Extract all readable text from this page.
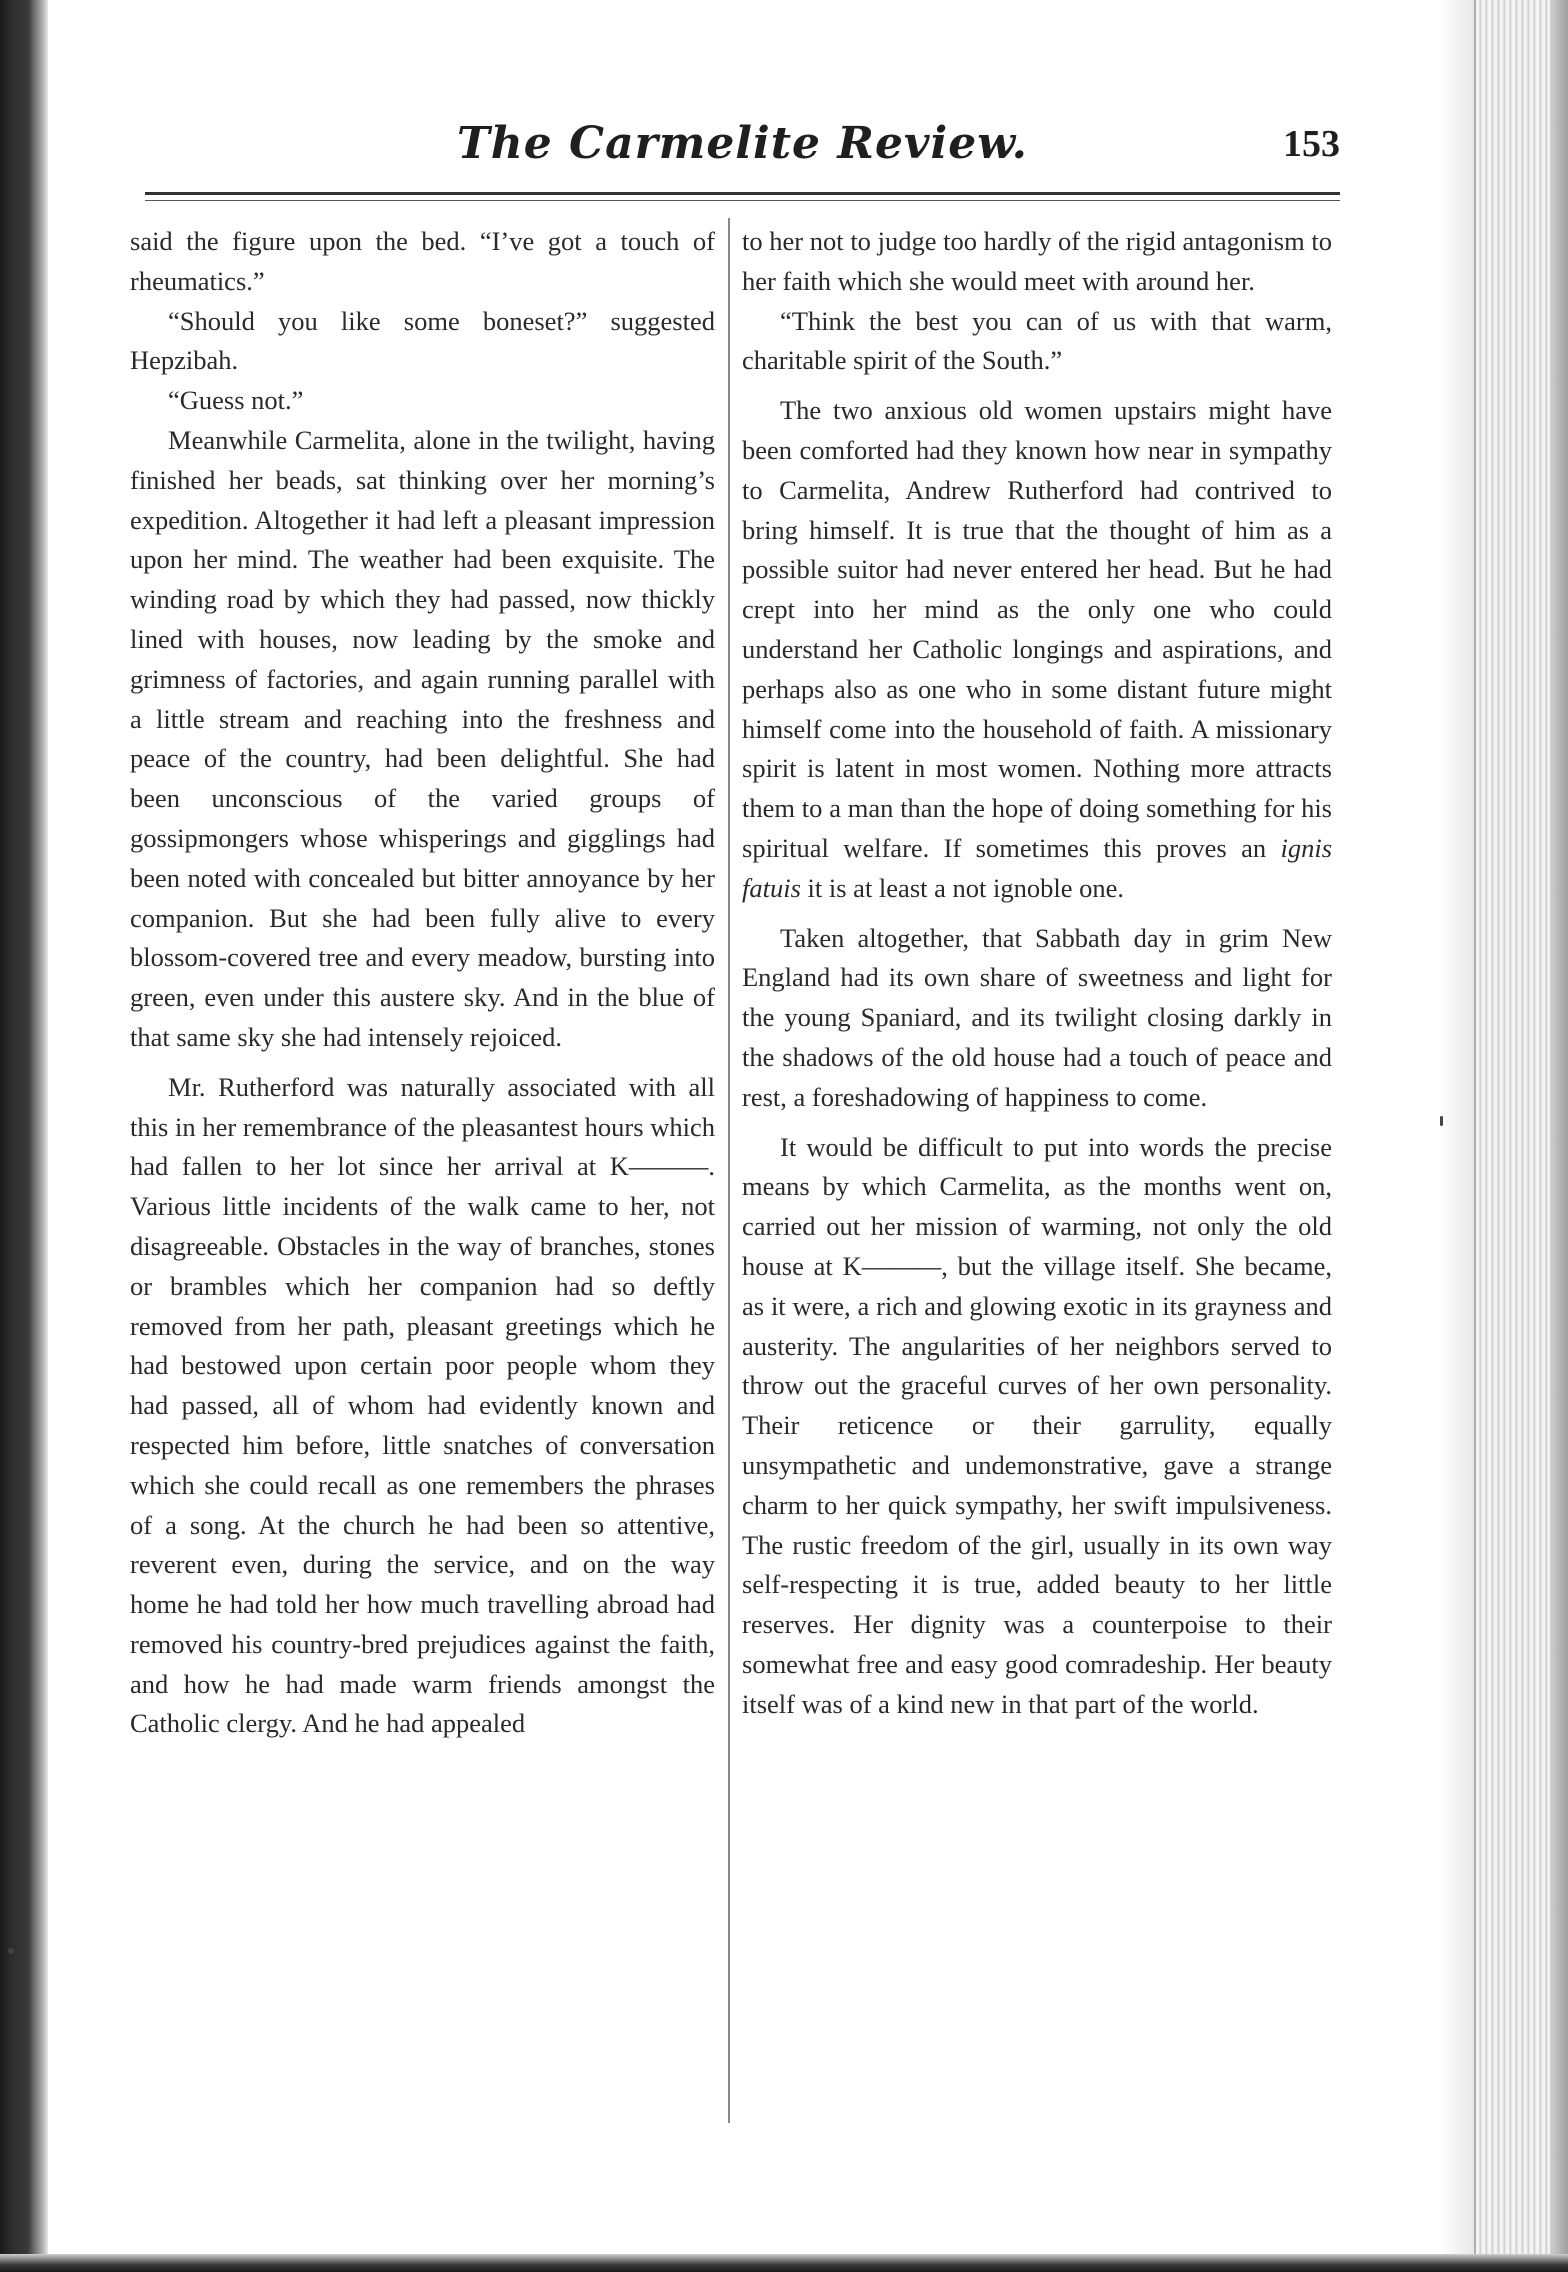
The Carmelite Review.	153

said the figure upon the bed. “I’ve got a touch of rheumatics.”

“Should you like some boneset?” suggested Hepzibah.

“Guess not.”

Meanwhile Carmelita, alone in the twilight, having finished her beads, sat thinking over her morning’s expedition. Altogether it had left a pleasant impression upon her mind. The weather had been exquisite. The winding road by which they had passed, now thickly lined with houses, now leading by the smoke and grimness of factories, and again running parallel with a little stream and reaching into the freshness and peace of the country, had been delightful. She had been unconscious of the varied groups of gossipmongers whose whisperings and gigglings had been noted with concealed but bitter annoyance by her companion. But she had been fully alive to every blossom-covered tree and every meadow, bursting into green, even under this austere sky. And in the blue of that same sky she had intensely rejoiced.

Mr. Rutherford was naturally associated with all this in her remembrance of the pleasantest hours which had fallen to her lot since her arrival at K———. Various little incidents of the walk came to her, not disagreeable. Obstacles in the way of branches, stones or brambles which her companion had so deftly removed from her path, pleasant greetings which he had bestowed upon certain poor people whom they had passed, all of whom had evidently known and respected him before, little snatches of conversation which she could recall as one remembers the phrases of a song. At the church he had been so attentive, reverent even, during the service, and on the way home he had told her how much travelling abroad had removed his country-bred prejudices against the faith, and how he had made warm friends amongst the Catholic clergy. And he had appealed

to her not to judge too hardly of the rigid antagonism to her faith which she would meet with around her.

“Think the best you can of us with that warm, charitable spirit of the South.”

The two anxious old women upstairs might have been comforted had they known how near in sympathy to Carmelita, Andrew Rutherford had contrived to bring himself. It is true that the thought of him as a possible suitor had never entered her head. But he had crept into her mind as the only one who could understand her Catholic longings and aspirations, and perhaps also as one who in some distant future might himself come into the household of faith. A missionary spirit is latent in most women. Nothing more attracts them to a man than the hope of doing something for his spiritual welfare. If sometimes this proves an ignis fatuis it is at least a not ignoble one.

Taken altogether, that Sabbath day in grim New England had its own share of sweetness and light for the young Spaniard, and its twilight closing darkly in the shadows of the old house had a touch of peace and rest, a foreshadowing of happiness to come.

It would be difficult to put into words the precise means by which Carmelita, as the months went on, carried out her mission of warming, not only the old house at K———, but the village itself. She became, as it were, a rich and glowing exotic in its grayness and austerity. The angularities of her neighbors served to throw out the graceful curves of her own personality. Their reticence or their garrulity, equally unsympathetic and undemonstrative, gave a strange charm to her quick sympathy, her swift impulsiveness. The rustic freedom of the girl, usually in its own way self-respecting it is true, added beauty to her little reserves. Her dignity was a counterpoise to their somewhat free and easy good comradeship. Her beauty itself was of a kind new in that part of the world.
